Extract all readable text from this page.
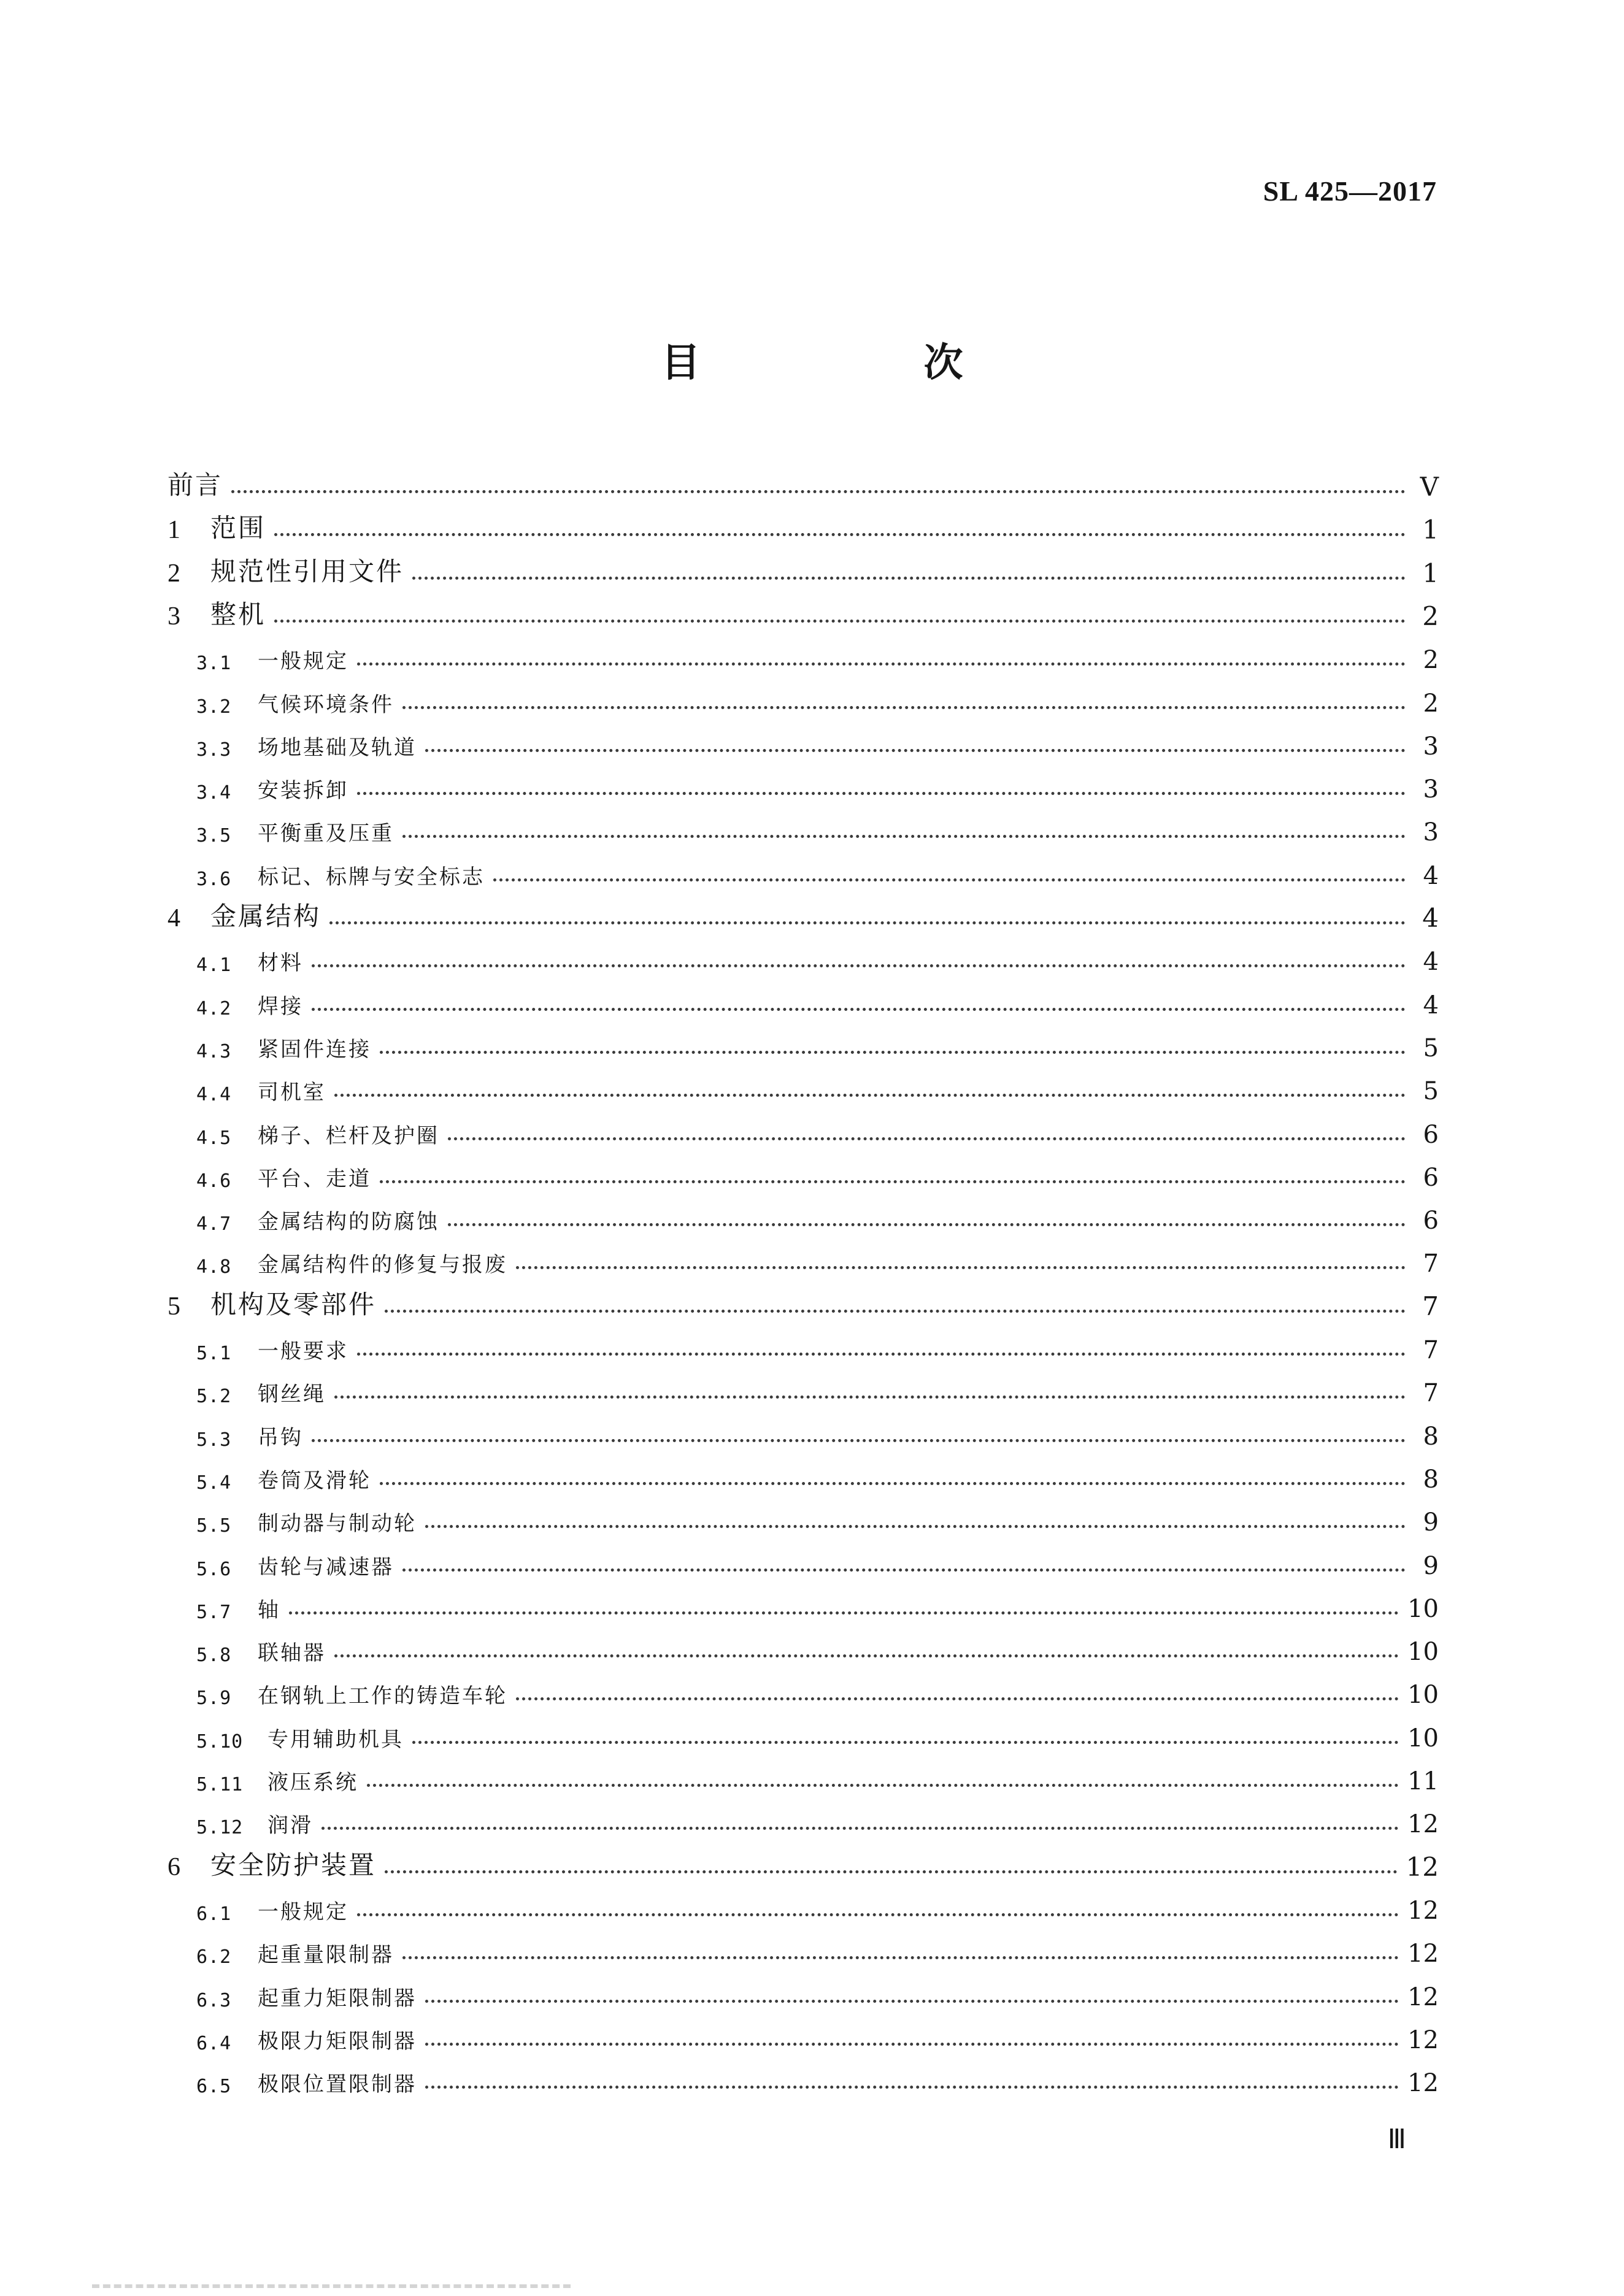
SL 425—2017
目　次
前言	Ⅴ
1	范围	1
2	规范性引用文件	1
3	整机	2
3.1	一般规定	2
3.2	气候环境条件	2
3.3	场地基础及轨道	3
3.4	安装拆卸	3
3.5	平衡重及压重	3
3.6	标记、标牌与安全标志	4
4	金属结构	4
4.1	材料	4
4.2	焊接	4
4.3	紧固件连接	5
4.4	司机室	5
4.5	梯子、栏杆及护圈	6
4.6	平台、走道	6
4.7	金属结构的防腐蚀	6
4.8	金属结构件的修复与报废	7
5	机构及零部件	7
5.1	一般要求	7
5.2	钢丝绳	7
5.3	吊钩	8
5.4	卷筒及滑轮	8
5.5	制动器与制动轮	9
5.6	齿轮与减速器	9
5.7	轴	10
5.8	联轴器	10
5.9	在钢轨上工作的铸造车轮	10
5.10	专用辅助机具	10
5.11	液压系统	11
5.12	润滑	12
6	安全防护装置	12
6.1	一般规定	12
6.2	起重量限制器	12
6.3	起重力矩限制器	12
6.4	极限力矩限制器	12
6.5	极限位置限制器	12
Ⅲ
